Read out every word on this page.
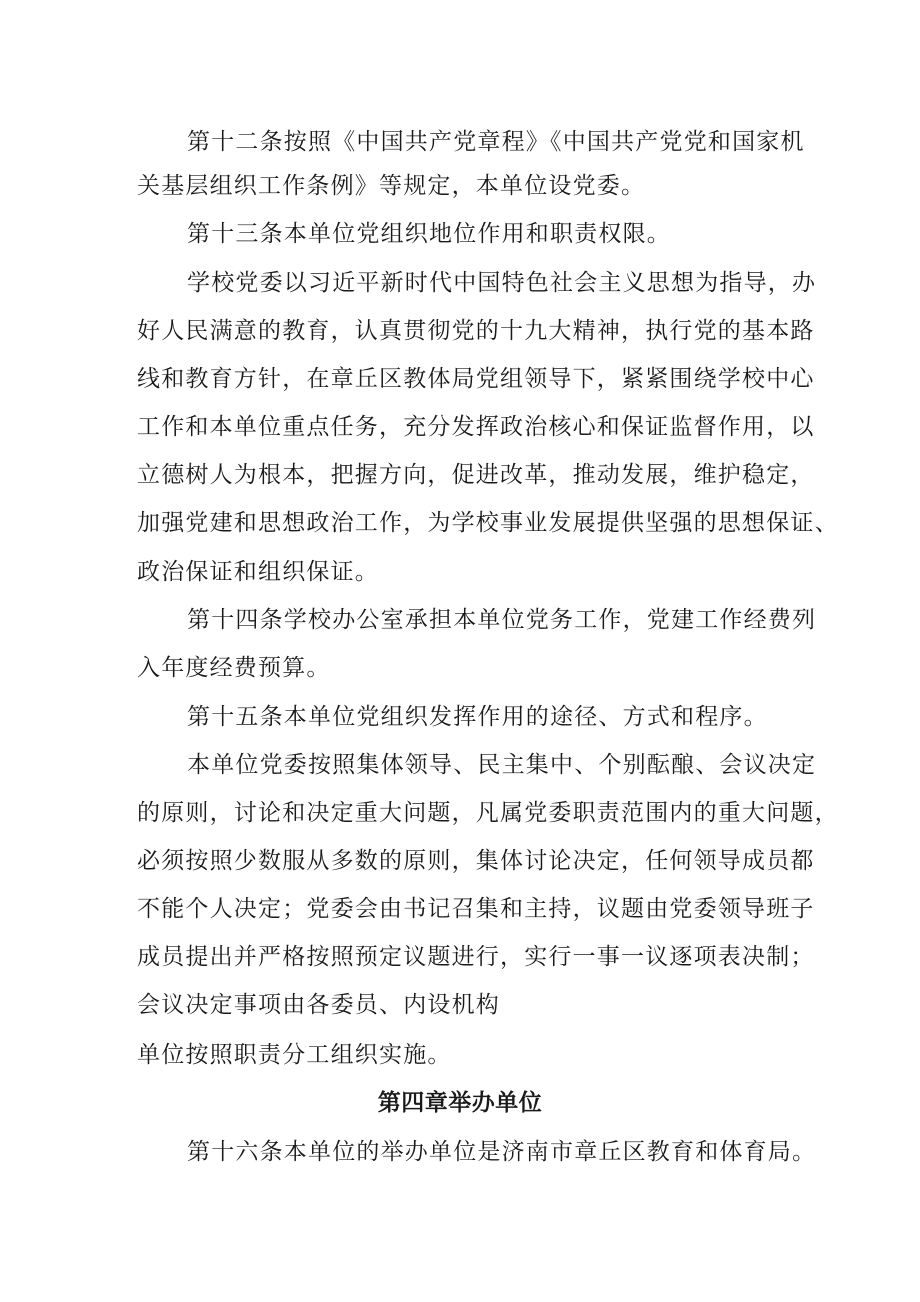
第十二条按照《中国共产党章程》《中国共产党党和国家机
关基层组织工作条例》等规定，本单位设党委。
第十三条本单位党组织地位作用和职责权限。
学校党委以习近平新时代中国特色社会主义思想为指导，办
好人民满意的教育，认真贯彻党的十九大精神，执行党的基本路
线和教育方针，在章丘区教体局党组领导下，紧紧围绕学校中心
工作和本单位重点任务，充分发挥政治核心和保证监督作用，以
立德树人为根本，把握方向，促进改革，推动发展，维护稳定，
加强党建和思想政治工作，为学校事业发展提供坚强的思想保证、
政治保证和组织保证。
第十四条学校办公室承担本单位党务工作，党建工作经费列
入年度经费预算。
第十五条本单位党组织发挥作用的途径、方式和程序。
本单位党委按照集体领导、民主集中、个别酝酿、会议决定
的原则，讨论和决定重大问题，凡属党委职责范围内的重大问题，
必须按照少数服从多数的原则，集体讨论决定，任何领导成员都
不能个人决定；党委会由书记召集和主持，议题由党委领导班子
成员提出并严格按照预定议题进行，实行一事一议逐项表决制；
会议决定事项由各委员、内设机构
单位按照职责分工组织实施。
第四章举办单位
第十六条本单位的举办单位是济南市章丘区教育和体育局。
